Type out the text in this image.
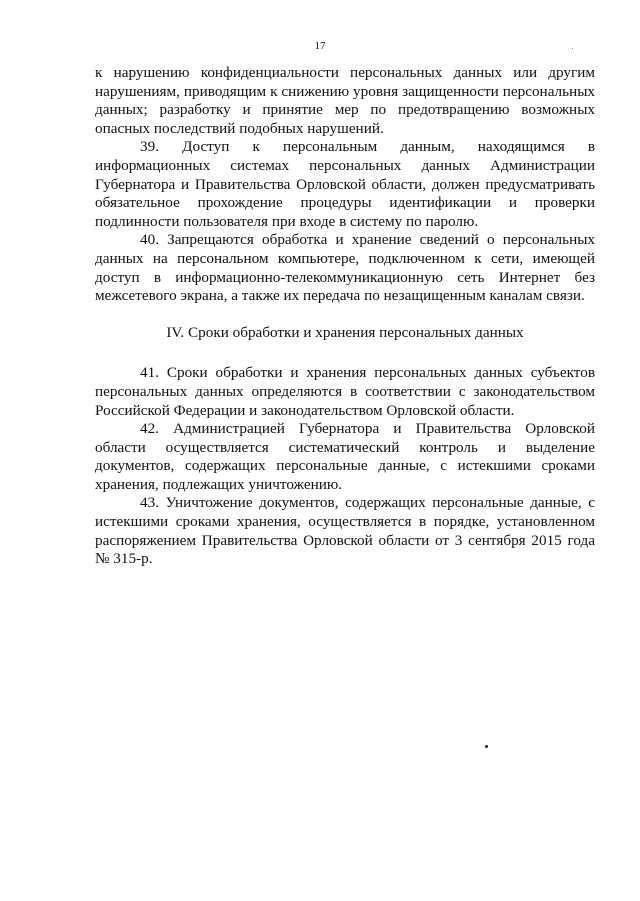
17

к нарушению конфиденциальности персональных данных или другим нарушениям, приводящим к снижению уровня защищенности персональных данных; разработку и принятие мер по предотвращению возможных опасных последствий подобных нарушений.

39. Доступ к персональным данным, находящимся в информационных системах персональных данных Администрации Губернатора и Правительства Орловской области, должен предусматривать обязательное прохождение процедуры идентификации и проверки подлинности пользователя при входе в систему по паролю.

40. Запрещаются обработка и хранение сведений о персональных данных на персональном компьютере, подключенном к сети, имеющей доступ в информационно-телекоммуникационную сеть Интернет без межсетевого экрана, а также их передача по незащищенным каналам связи.

IV. Сроки обработки и хранения персональных данных

41. Сроки обработки и хранения персональных данных субъектов персональных данных определяются в соответствии с законодательством Российской Федерации и законодательством Орловской области.

42. Администрацией Губернатора и Правительства Орловской области осуществляется систематический контроль и выделение документов, содержащих персональные данные, с истекшими сроками хранения, подлежащих уничтожению.

43. Уничтожение документов, содержащих персональные данные, с истекшими сроками хранения, осуществляется в порядке, установленном распоряжением Правительства Орловской области от 3 сентября 2015 года № 315-р.
